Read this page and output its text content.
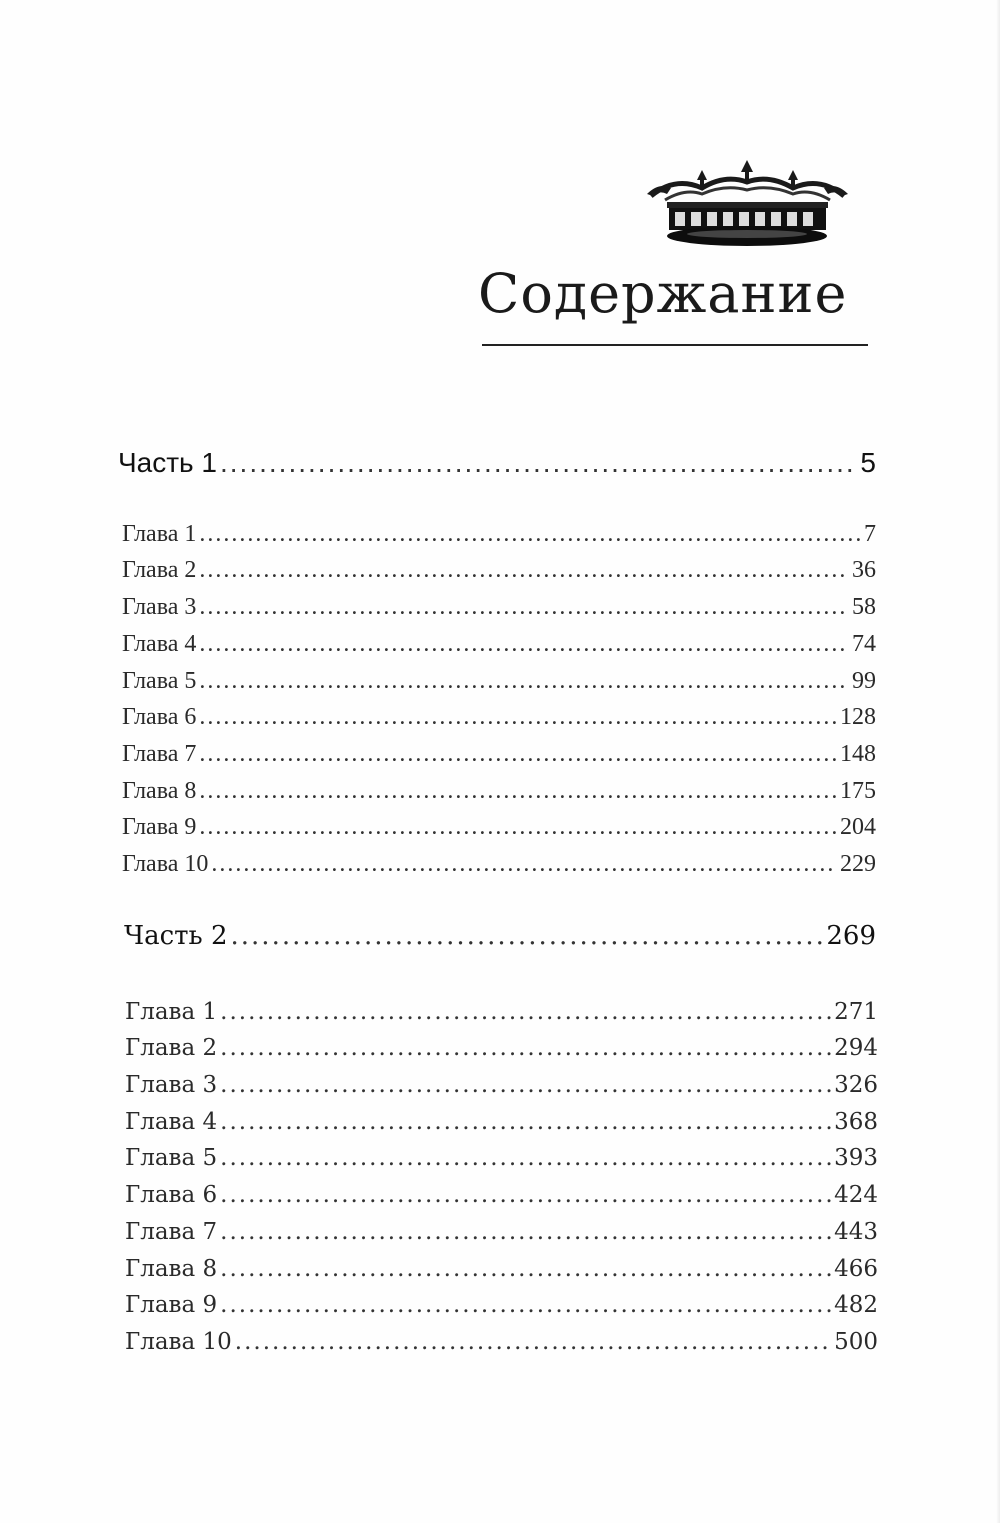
Содержание
Часть 1 .....	5
Глава 1 .....	7
Глава 2 .....	36
Глава 3 .....	58
Глава 4 .....	74
Глава 5 .....	99
Глава 6 .....	128
Глава 7 .....	148
Глава 8 .....	175
Глава 9 .....	204
Глава 10 .....	229
Часть 2 .....	269
Глава 1 .....	271
Глава 2 .....	294
Глава 3 .....	326
Глава 4 .....	368
Глава 5 .....	393
Глава 6 .....	424
Глава 7 .....	443
Глава 8 .....	466
Глава 9 .....	482
Глава 10 .....	500
